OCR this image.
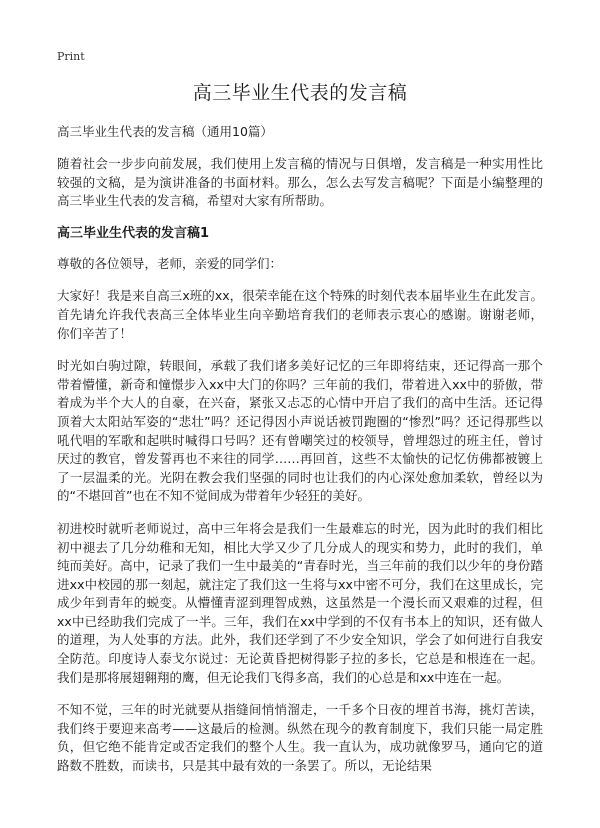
Print
高三毕业生代表的发言稿

高三毕业生代表的发言稿（通用10篇）

随着社会一步步向前发展，我们使用上发言稿的情况与日俱增，发言稿是一种实用性比较强的文稿，是为演讲准备的书面材料。那么，怎么去写发言稿呢？下面是小编整理的高三毕业生代表的发言稿，希望对大家有所帮助。

高三毕业生代表的发言稿1

尊敬的各位领导，老师，亲爱的同学们：

大家好！我是来自高三x班的xx，很荣幸能在这个特殊的时刻代表本届毕业生在此发言。首先请允许我代表高三全体毕业生向辛勤培育我们的老师表示衷心的感谢。谢谢老师，你们辛苦了！

时光如白驹过隙，转眼间，承载了我们诸多美好记忆的三年即将结束，还记得高一那个带着懵懂，新奇和憧憬步入xx中大门的你吗？三年前的我们，带着进入xx中的骄傲，带着成为半个大人的自豪，在兴奋，紧张又忐忑的心情中开启了我们的高中生活。还记得顶着大太阳站军姿的“悲壮”吗？还记得因小声说话被罚跑圈的“惨烈”吗？还记得那些以吼代唱的军歌和起哄时喊得口号吗？还有曾嘲笑过的校领导，曾埋怨过的班主任，曾讨厌过的教官，曾发誓再也不来往的同学……再回首，这些不太愉快的记忆仿佛都被镀上了一层温柔的光。光阴在教会我们坚强的同时也让我们的内心深处愈加柔软，曾经以为的“不堪回首”也在不知不觉间成为带着年少轻狂的美好。

初进校时就听老师说过，高中三年将会是我们一生最难忘的时光，因为此时的我们相比初中褪去了几分幼稚和无知，相比大学又少了几分成人的现实和势力，此时的我们，单纯而美好。高中，记录了我们一生中最美的“青春时光，当三年前的我们以少年的身份踏进xx中校园的那一刻起，就注定了我们这一生将与xx中密不可分，我们在这里成长，完成少年到青年的蜕变。从懵懂青涩到理智成熟，这虽然是一个漫长而又艰难的过程，但xx中已经助我们完成了一半。三年，我们在xx中学到的不仅有书本上的知识，还有做人的道理，为人处事的方法。此外，我们还学到了不少安全知识，学会了如何进行自我安全防范。印度诗人泰戈尔说过：无论黄昏把树得影子拉的多长，它总是和根连在一起。我们是那将展翅翱翔的鹰，但无论我们飞得多高，我们的心总是和xx中连在一起。

不知不觉，三年的时光就要从指缝间悄悄溜走，一千多个日夜的埋首书海，挑灯苦读，我们终于要迎来高考——这最后的检测。纵然在现今的教育制度下，我们只能一局定胜负，但它绝不能肯定或否定我们的整个人生。我一直认为，成功就像罗马，通向它的道路数不胜数，而读书，只是其中最有效的一条罢了。所以，无论结果
